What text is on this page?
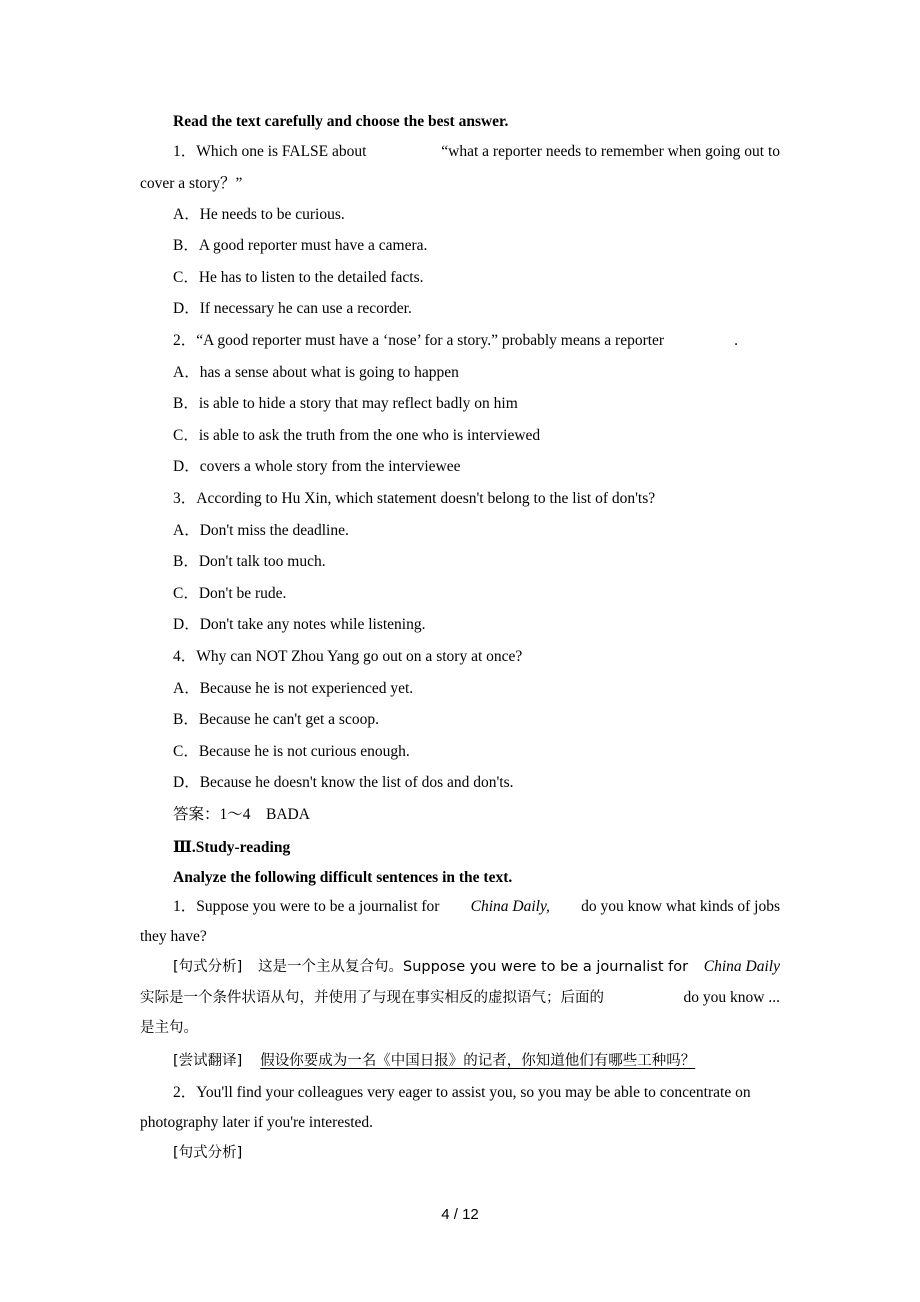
Read the text carefully and choose the best answer.
1．Which one is FALSE about	“what a reporter needs to remember when going out to
cover a story？”
A．He needs to be curious.
B．A good reporter must have a camera.
C．He has to listen to the detailed facts.
D．If necessary he can use a recorder.
2．“A good reporter must have a ‘nose’ for a story.” probably means a reporter	.
A．has a sense about what is going to happen
B．is able to hide a story that may reflect badly on him
C．is able to ask the truth from the one who is interviewed
D．covers a whole story from the interviewee
3．According to Hu Xin, which statement doesn't belong to the list of don'ts?
A．Don't miss the deadline.
B．Don't talk too much.
C．Don't be rude.
D．Don't take any notes while listening.
4．Why can NOT Zhou Yang go out on a story at once?
A．Because he is not experienced yet.
B．Because he can't get a scoop.
C．Because he is not curious enough.
D．Because he doesn't know the list of dos and don'ts.
答案：1～4　BADA
Ⅲ.Study-reading
Analyze the following difficult sentences in the text.
1．Suppose you were to be a journalist for China Daily, do you know what kinds of jobs
they have?
[句式分析] 这是一个主从复合句。Suppose you were to be a journalist for China Daily
实际是一个条件状语从句，并使用了与现在事实相反的虚拟语气；后面的	do you know ...
是主句。
[尝试翻译] 假设你要成为一名《中国日报》的记者，你知道他们有哪些工种吗？
2．You'll find your colleagues very eager to assist you, so you may be able to concentrate on
photography later if you're interested.
[句式分析]
4 / 12
